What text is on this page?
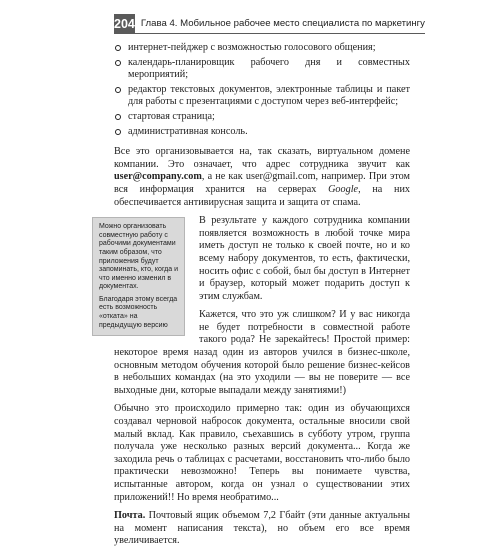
204 Глава 4. Мобильное рабочее место специалиста по маркетингу
интернет-пейджер с возможностью голосового общения;
календарь-планировщик рабочего дня и совместных мероприятий;
редактор текстовых документов, электронные таблицы и пакет для работы с презентациями с доступом через веб-интерфейс;
стартовая страница;
административная консоль.
Все это организовывается на, так сказать, виртуальном домене компании. Это означает, что адрес сотрудника звучит как user@company.com, а не как user@gmail.com, например. При этом вся информация хранится на серверах Google, на них обеспечивается антивирусная защита и защита от спама.
Можно организовать совместную работу с рабочими документами таким образом, что приложения будут запоминать, кто, когда и что именно изменил в документах.
Благодаря этому всегда есть возможность «откатa» на предыдущую версию
В результате у каждого сотрудника компании появляется возможность в любой точке мира иметь доступ не только к своей почте, но и ко всему набору документов, то есть, фактически, носить офис с собой, был бы доступ в Интернет и браузер, который может подарить доступ к этим службам.
Кажется, что это уж слишком? И у вас никогда не будет потребности в совместной работе такого рода? Не зарекайтесь! Простой пример: некоторое время назад один из авторов учился в бизнес-школе, основным методом обучения которой было решение бизнес-кейсов в небольших командах (на это уходили — вы не поверите — все выходные дни, которые выпадали между занятиями!)
Обычно это происходило примерно так: один из обучающихся создавал черновой набросок документа, остальные вносили свой малый вклад. Как правило, съехавшись в субботу утром, группа получала уже несколько разных версий документа... Когда же заходила речь о таблицах с расчетами, восстановить что-либо было практически невозможно! Теперь вы понимаете чувства, испытанные автором, когда он узнал о существовании этих приложений!! Но время необратимо...
Почта. Почтовый ящик объемом 7,2 Гбайт (эти данные актуальны на момент написания текста), но объем его все время увеличивается.
